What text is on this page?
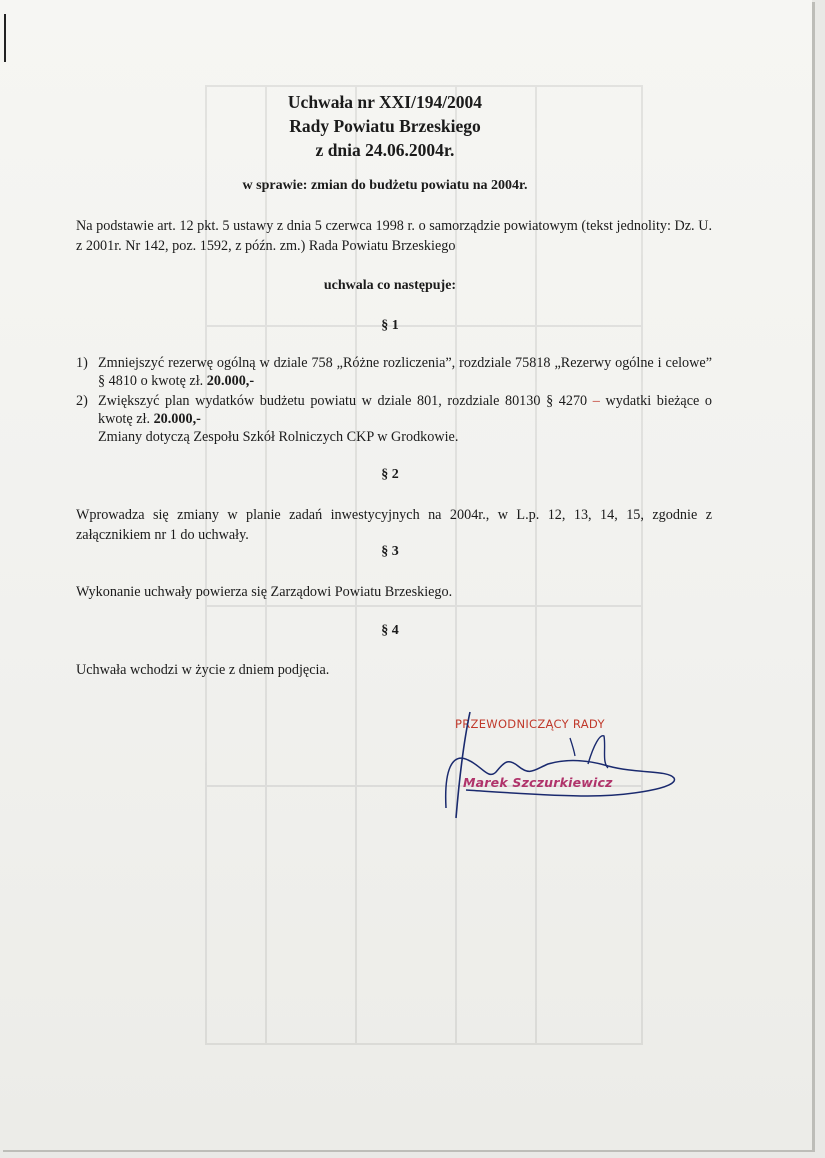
Uchwała nr XXI/194/2004
Rady Powiatu Brzeskiego
z dnia 24.06.2004r.
w sprawie: zmian do budżetu powiatu na 2004r.
Na podstawie art. 12 pkt. 5 ustawy z dnia 5 czerwca 1998 r. o samorządzie powiatowym (tekst jednolity: Dz. U. z 2001r. Nr 142, poz. 1592, z późn. zm.) Rada Powiatu Brzeskiego
uchwala co następuje:
§ 1
1) Zmniejszyć rezerwę ogólną w dziale 758 „Różne rozliczenia”, rozdziale 75818 „Rezerwy ogólne i celowe” § 4810 o kwotę zł. 20.000,-
2) Zwiększyć plan wydatków budżetu powiatu w dziale 801, rozdziale 80130 § 4270 – wydatki bieżące o kwotę zł. 20.000,-
Zmiany dotyczą Zespołu Szkół Rolniczych CKP w Grodkowie.
§ 2
Wprowadza się zmiany w planie zadań inwestycyjnych na 2004r., w L.p. 12, 13, 14, 15, zgodnie z załącznikiem nr 1 do uchwały.
§ 3
Wykonanie uchwały powierza się Zarządowi Powiatu Brzeskiego.
§ 4
Uchwała wchodzi w życie z dniem podjęcia.
PRZEWODNICZĄCY RADY
Marek Szczurkiewicz
